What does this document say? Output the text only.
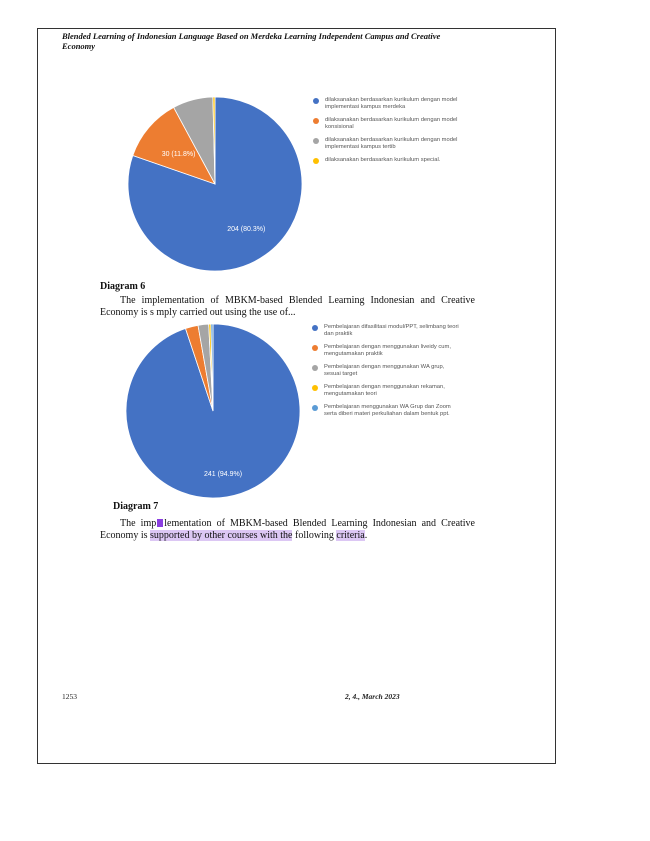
Blended Learning of Indonesian Language Based on Merdeka Learning Independent Campus and Creative Economy
204 (80.3%)
30 (11.8%)
dilaksanakan berdasarkan kurikulum dengan model implementasi kampus merdeka
dilaksanakan berdasarkan kurikulum dengan model konsisional
dilaksanakan berdasarkan kurikulum dengan model implementasi kampus tertib
dilaksanakan berdasarkan kurikulum special.
Diagram 6
The implementation of MBKM-based Blended Learning Indonesian and Creative Economy is s mply carried out using the use of...
241 (94.9%)
Pembelajaran difasilitasi modul/PPT, selimbang teori dan praktik
Pembelajaran dengan menggunakan liveidy cum, mengutamakan praktik
Pembelajaran dengan menggunakan WA grup, sesuai target
Pembelajaran dengan menggunakan rekaman, mengutamakan teori
Pembelajaran menggunakan WA Grup dan Zoom serta diberi materi perkuliahan dalam bentuk ppt.
Diagram 7
The imp lementation of MBKM-based Blended Learning Indonesian and Creative Economy is supported by other courses with the following criteria.
1253	2, 4., March 2023
